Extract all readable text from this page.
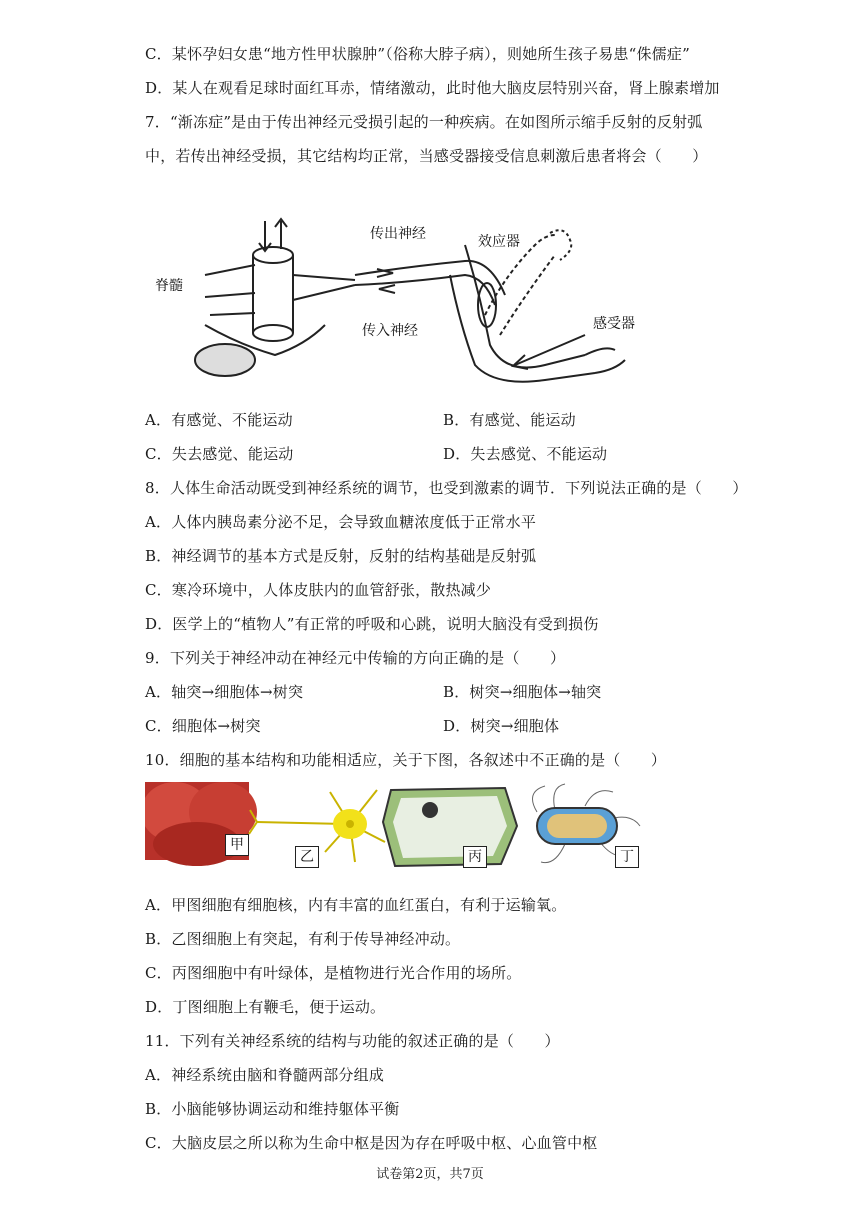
C．某怀孕妇女患“地方性甲状腺肿”（俗称大脖子病），则她所生孩子易患“侏儒症”
D．某人在观看足球时面红耳赤，情绪激动，此时他大脑皮层特别兴奋，肾上腺素增加
7．“渐冻症”是由于传出神经元受损引起的一种疾病。在如图所示缩手反射的反射弧
中，若传出神经受损，其它结构均正常，当感受器接受信息刺激后患者将会（　　）
脊髓
传出神经	效应器
传入神经	感受器
A．有感觉、不能运动	B．有感觉、能运动
C．失去感觉、能运动	D．失去感觉、不能运动
8．人体生命活动既受到神经系统的调节，也受到激素的调节．下列说法正确的是（　　）
A．人体内胰岛素分泌不足，会导致血糖浓度低于正常水平
B．神经调节的基本方式是反射，反射的结构基础是反射弧
C．寒冷环境中，人体皮肤内的血管舒张，散热减少
D．医学上的“植物人”有正常的呼吸和心跳，说明大脑没有受到损伤
9．下列关于神经冲动在神经元中传输的方向正确的是（　　）
A．轴突→细胞体→树突	B．树突→细胞体→轴突
C．细胞体→树突	D．树突→细胞体
10．细胞的基本结构和功能相适应，关于下图，各叙述中不正确的是（　　）
甲
乙	丙	丁
A．甲图细胞有细胞核，内有丰富的血红蛋白，有利于运输氧。
B．乙图细胞上有突起，有利于传导神经冲动。
C．丙图细胞中有叶绿体，是植物进行光合作用的场所。
D．丁图细胞上有鞭毛，便于运动。
11．下列有关神经系统的结构与功能的叙述正确的是（　　）
A．神经系统由脑和脊髓两部分组成
B．小脑能够协调运动和维持躯体平衡
C．大脑皮层之所以称为生命中枢是因为存在呼吸中枢、心血管中枢
试卷第2页，共7页
